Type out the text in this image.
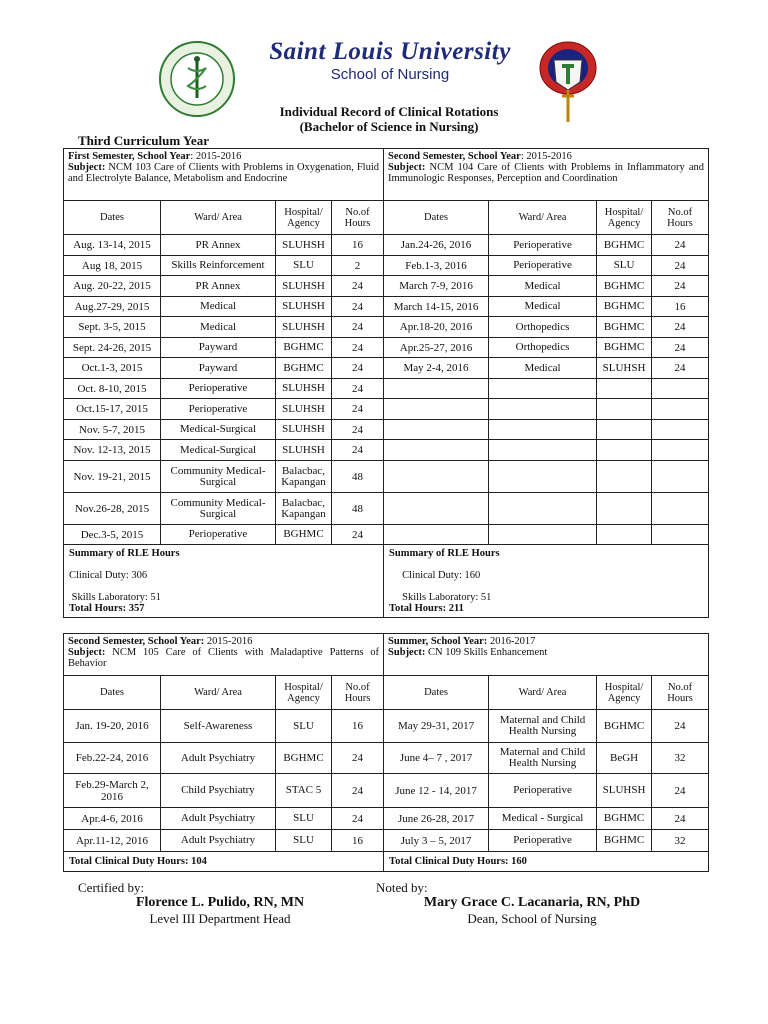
Saint Louis University
School of Nursing
Individual Record of Clinical Rotations
(Bachelor of Science in Nursing)
Third Curriculum Year
First Semester, School Year: 2015-2016
Subject: NCM 103 Care of Clients with Problems in Oxygenation, Fluid and Electrolyte Balance, Metabolism and Endocrine				Second Semester, School Year: 2015-2016
Subject: NCM 104 Care of Clients with Problems in Inflammatory and Immunologic Responses, Perception and Coordination			
Dates	Ward/ Area	Hospital/
Agency	No.of
Hours	Dates	Ward/ Area	Hospital/
Agency	No.of
Hours
Aug. 13-14, 2015	PR Annex	SLUHSH	16	Jan.24-26, 2016	Perioperative	BGHMC	24
Aug 18, 2015	Skills Reinforcement	SLU	2	Feb.1-3, 2016	Perioperative	SLU	24
Aug. 20-22, 2015	PR Annex	SLUHSH	24	March 7-9, 2016	Medical	BGHMC	24
Aug.27-29, 2015	Medical	SLUHSH	24	March 14-15, 2016	Medical	BGHMC	16
Sept. 3-5, 2015	Medical	SLUHSH	24	Apr.18-20, 2016	Orthopedics	BGHMC	24
Sept. 24-26, 2015	Payward	BGHMC	24	Apr.25-27, 2016	Orthopedics	BGHMC	24
Oct.1-3, 2015	Payward	BGHMC	24	May 2-4, 2016	Medical	SLUHSH	24
Oct. 8-10, 2015	Perioperative	SLUHSH	24				
Oct.15-17, 2015	Perioperative	SLUHSH	24				
Nov. 5-7, 2015	Medical-Surgical	SLUHSH	24				
Nov. 12-13, 2015	Medical-Surgical	SLUHSH	24				
Nov. 19-21, 2015	Community Medical-Surgical	Balacbac, Kapangan	48				
Nov.26-28, 2015	Community Medical-Surgical	Balacbac, Kapangan	48				
Dec.3-5, 2015	Perioperative	BGHMC	24				
Summary of RLE Hours

Clinical Duty: 306

Skills Laboratory: 51
Total Hours: 357				Summary of RLE Hours

Clinical Duty: 160

Skills Laboratory: 51
Total Hours: 211			
Second Semester, School Year: 2015-2016
Subject: NCM 105 Care of Clients with Maladaptive Patterns of Behavior				Summer, School Year: 2016-2017
Subject: CN 109 Skills Enhancement			
Dates	Ward/ Area	Hospital/
Agency	No.of
Hours	Dates	Ward/ Area	Hospital/
Agency	No.of
Hours
Jan. 19-20, 2016	Self-Awareness	SLU	16	May 29-31, 2017	Maternal and Child Health Nursing	BGHMC	24
Feb.22-24, 2016	Adult Psychiatry	BGHMC	24	June 4– 7 , 2017	Maternal and Child Health Nursing	BeGH	32
Feb.29-March 2, 2016	Child Psychiatry	STAC 5	24	June 12 - 14, 2017	Perioperative	SLUHSH	24
Apr.4-6, 2016	Adult Psychiatry	SLU	24	June 26-28, 2017	Medical - Surgical	BGHMC	24
Apr.11-12, 2016	Adult Psychiatry	SLU	16	July 3 – 5, 2017	Perioperative	BGHMC	32
Total Clinical Duty Hours: 104				Total Clinical Duty Hours: 160			
Certified by:
Florence L. Pulido, RN, MN
Level III Department Head
Noted by:
Mary Grace C. Lacanaria, RN, PhD
Dean, School of Nursing
